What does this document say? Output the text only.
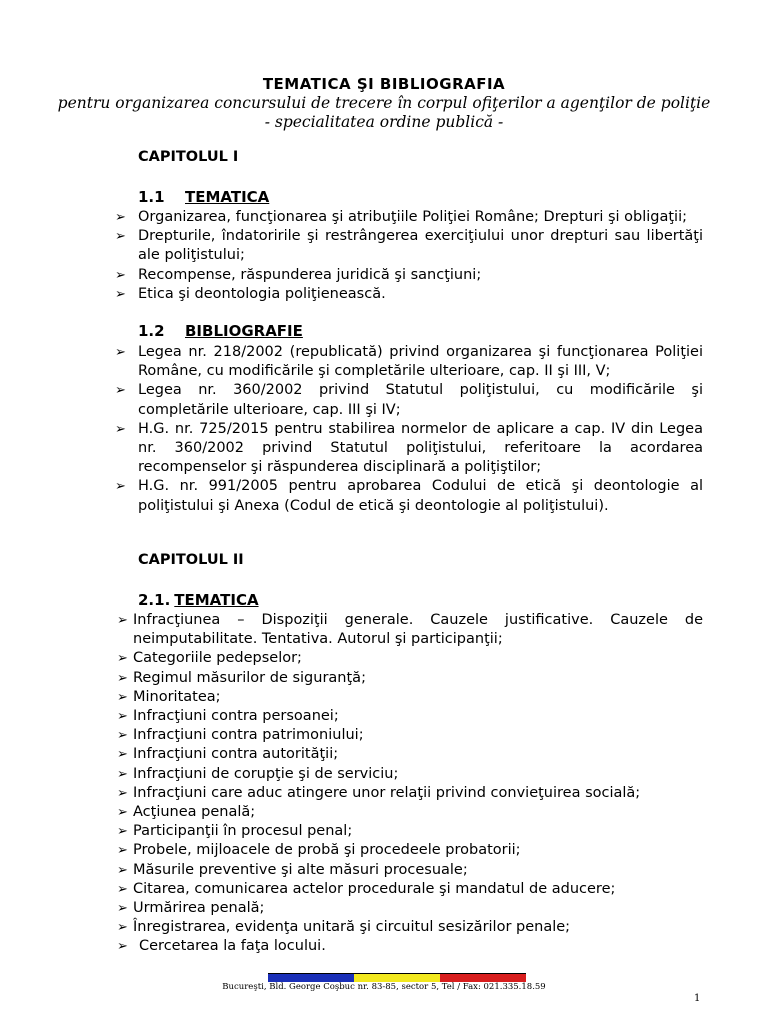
TEMATICA ŞI BIBLIOGRAFIA
pentru organizarea concursului de trecere în corpul ofiţerilor a agenţilor de poliţie
- specialitatea ordine publică -
CAPITOLUL I
1.1 TEMATICA
➢ Organizarea, funcţionarea şi atribuţiile Poliţiei Române; Drepturi şi obligaţii;
➢ Drepturile, îndatoririle şi restrângerea exerciţiului unor drepturi sau libertăţi ale poliţistului;
➢ Recompense, răspunderea juridică şi sancţiuni;
➢ Etica şi deontologia poliţienească.
1.2 BIBLIOGRAFIE
➢ Legea nr. 218/2002 (republicată) privind organizarea şi funcţionarea Poliţiei Române, cu modificările şi completările ulterioare, cap. II şi III, V;
➢ Legea nr. 360/2002 privind Statutul poliţistului, cu modificările şi completările ulterioare, cap. III şi IV;
➢ H.G. nr. 725/2015 pentru stabilirea normelor de aplicare a cap. IV din Legea nr. 360/2002 privind Statutul poliţistului, referitoare la acordarea recompenselor şi răspunderea disciplinară a poliţiştilor;
➢ H.G. nr. 991/2005 pentru aprobarea Codului de etică şi deontologie al poliţistului şi Anexa (Codul de etică şi deontologie al poliţistului).
CAPITOLUL II
2.1. TEMATICA
➢ Infracţiunea – Dispoziţii generale. Cauzele justificative. Cauzele de neimputabilitate. Tentativa. Autorul şi participanţii;
➢ Categoriile pedepselor;
➢ Regimul măsurilor de siguranţă;
➢ Minoritatea;
➢ Infracţiuni contra persoanei;
➢ Infracţiuni contra patrimoniului;
➢ Infracţiuni contra autorităţii;
➢ Infracţiuni de corupţie şi de serviciu;
➢ Infracţiuni care aduc atingere unor relaţii privind convieţuirea socială;
➢ Acţiunea penală;
➢ Participanţii în procesul penal;
➢ Probele, mijloacele de probă şi procedeele probatorii;
➢ Măsurile preventive şi alte măsuri procesuale;
➢ Citarea, comunicarea actelor procedurale şi mandatul de aducere;
➢ Urmărirea penală;
➢ Înregistrarea, evidenţa unitară şi circuitul sesizărilor penale;
➢ Cercetarea la faţa locului.
Bucureşti, Bld. George Coşbuc nr. 83-85, sector 5, Tel / Fax: 021.335.18.59
1
